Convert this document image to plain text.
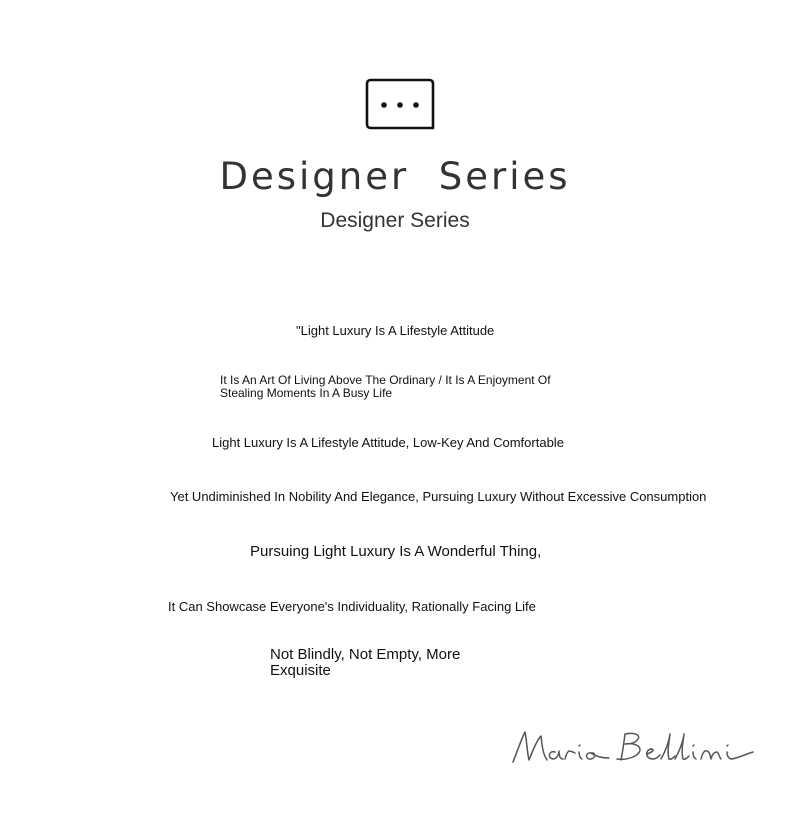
Designer  Series
Designer Series
"Light Luxury Is A Lifestyle Attitude
It Is An Art Of Living Above The Ordinary / It Is A Enjoyment Of Stealing Moments In A Busy Life
Light Luxury Is A Lifestyle Attitude, Low-Key And Comfortable
Yet Undiminished In Nobility And Elegance, Pursuing Luxury Without Excessive Consumption
Pursuing Light Luxury Is A Wonderful Thing,
It Can Showcase Everyone's Individuality, Rationally Facing Life
Not Blindly, Not Empty, More Exquisite
